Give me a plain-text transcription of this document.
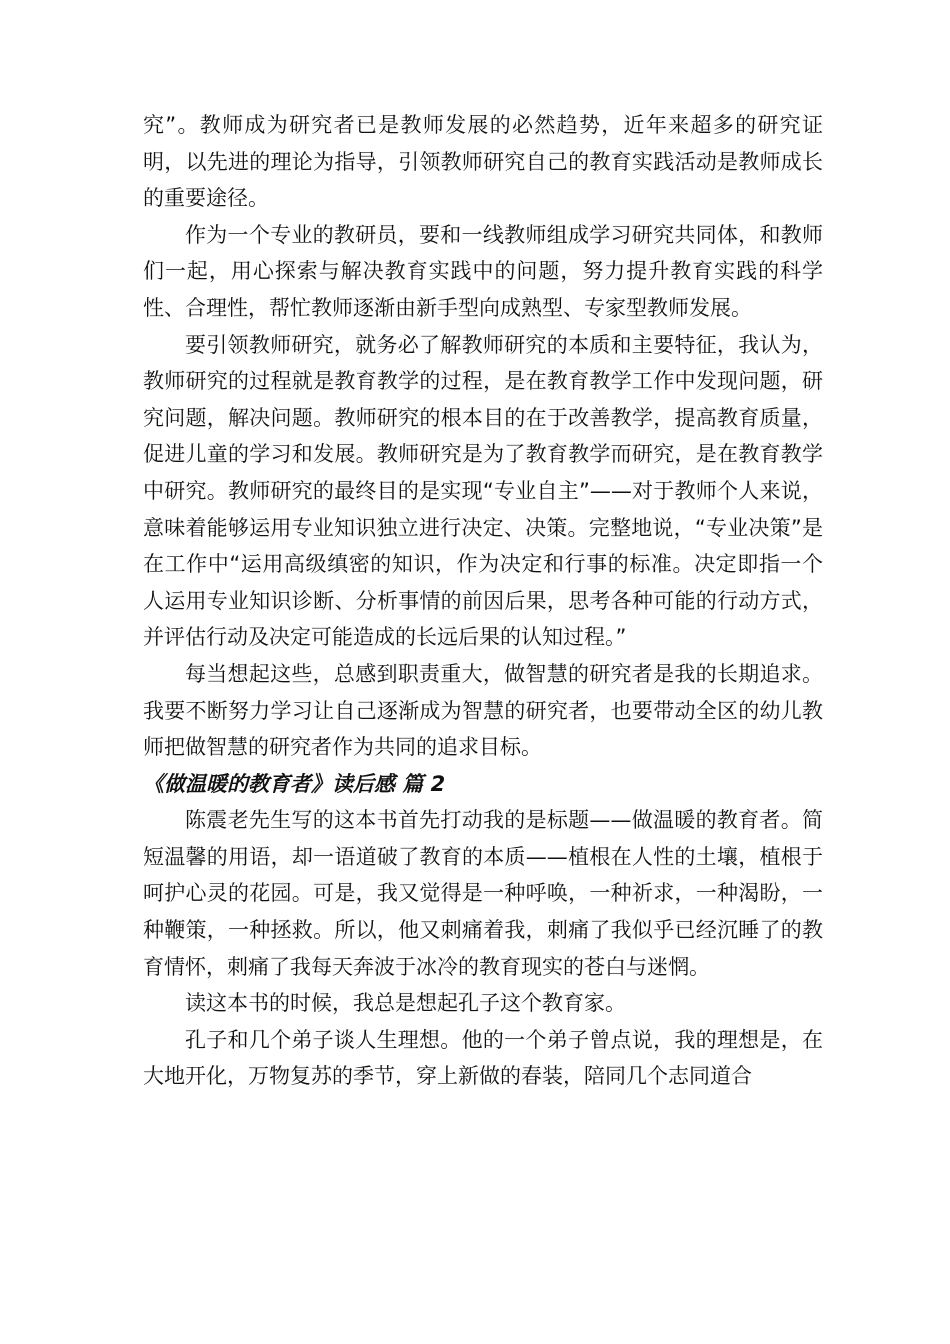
究”。教师成为研究者已是教师发展的必然趋势，近年来超多的研究证明，以先进的理论为指导，引领教师研究自己的教育实践活动是教师成长的重要途径。

作为一个专业的教研员，要和一线教师组成学习研究共同体，和教师们一起，用心探索与解决教育实践中的问题，努力提升教育实践的科学性、合理性，帮忙教师逐渐由新手型向成熟型、专家型教师发展。

要引领教师研究，就务必了解教师研究的本质和主要特征，我认为，教师研究的过程就是教育教学的过程，是在教育教学工作中发现问题，研究问题，解决问题。教师研究的根本目的在于改善教学，提高教育质量，促进儿童的学习和发展。教师研究是为了教育教学而研究，是在教育教学中研究。教师研究的最终目的是实现“专业自主”——对于教师个人来说，意味着能够运用专业知识独立进行决定、决策。完整地说，“专业决策”是在工作中“运用高级缜密的知识，作为决定和行事的标准。决定即指一个人运用专业知识诊断、分析事情的前因后果，思考各种可能的行动方式，并评估行动及决定可能造成的长远后果的认知过程。”

每当想起这些，总感到职责重大，做智慧的研究者是我的长期追求。我要不断努力学习让自己逐渐成为智慧的研究者，也要带动全区的幼儿教师把做智慧的研究者作为共同的追求目标。

《做温暖的教育者》读后感 篇 2

陈震老先生写的这本书首先打动我的是标题——做温暖的教育者。简短温馨的用语，却一语道破了教育的本质——植根在人性的土壤，植根于呵护心灵的花园。可是，我又觉得是一种呼唤，一种祈求，一种渴盼，一种鞭策，一种拯救。所以，他又刺痛着我，刺痛了我似乎已经沉睡了的教育情怀，刺痛了我每天奔波于冰冷的教育现实的苍白与迷惘。

读这本书的时候，我总是想起孔子这个教育家。

孔子和几个弟子谈人生理想。他的一个弟子曾点说，我的理想是，在大地开化，万物复苏的季节，穿上新做的春装，陪同几个志同道合
